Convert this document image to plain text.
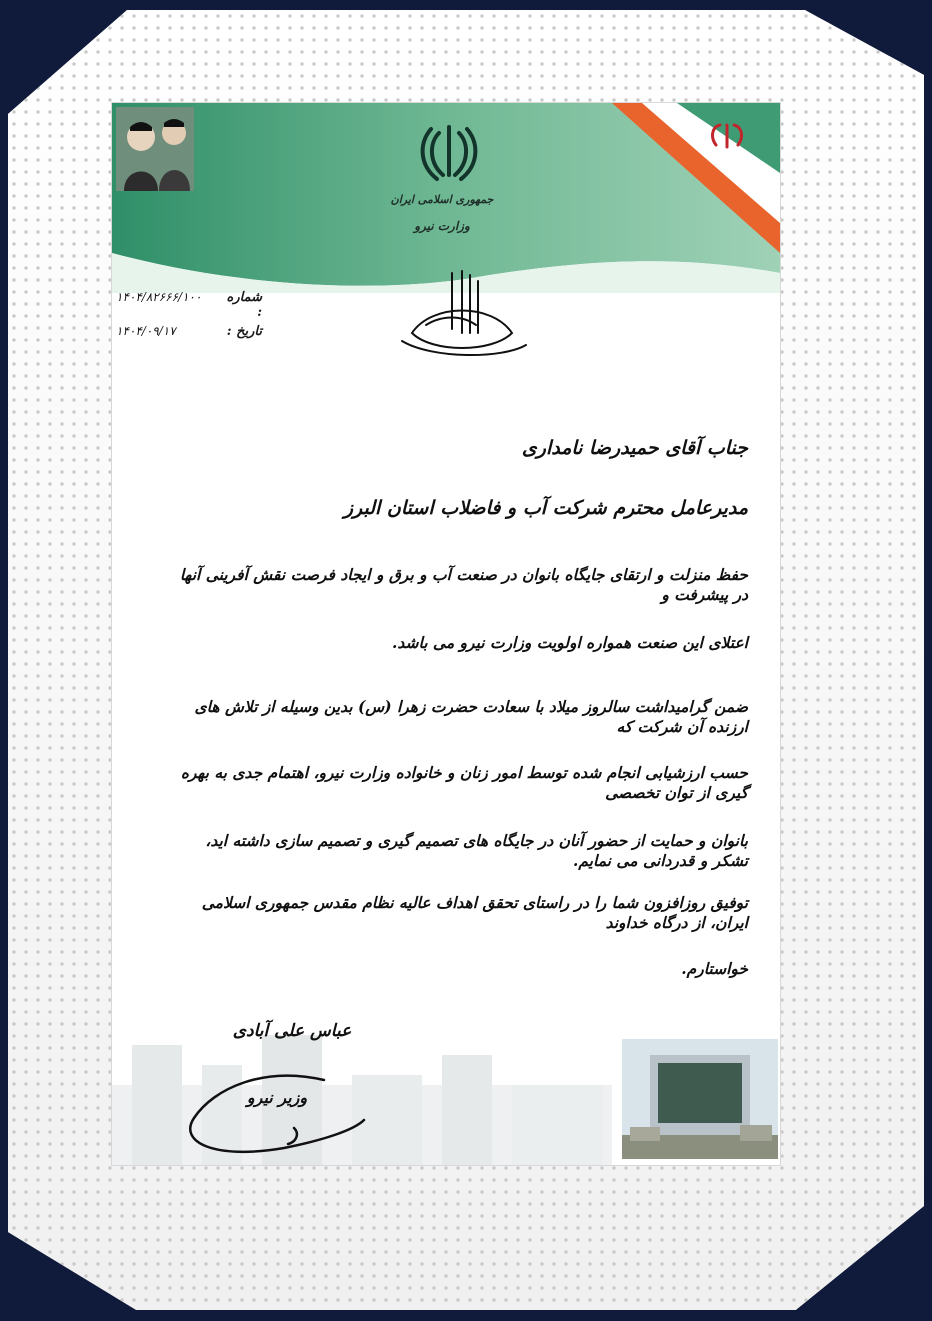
جمهوری اسلامی ایران
وزارت نیرو
شماره :
۱۴۰۴/۸۲۶۶۶/۱۰۰
تاریخ :
۱۴۰۴/۰۹/۱۷
جناب آقای حمیدرضا نامداری
مدیرعامل محترم شرکت آب و فاضلاب استان البرز
حفظ منزلت و ارتقای جایگاه بانوان در صنعت آب و برق و ایجاد فرصت نقش آفرینی آنها در پیشرفت و
اعتلای این صنعت همواره اولویت وزارت نیرو می باشد.
ضمن گرامیداشت سالروز میلاد با سعادت حضرت زهرا (س) بدین وسیله از تلاش های ارزنده آن شرکت که
حسب ارزشیابی انجام شده توسط امور زنان و خانواده وزارت نیرو، اهتمام جدی به بهره گیری از توان تخصصی
بانوان و حمایت از حضور آنان در جایگاه های تصمیم گیری و تصمیم سازی داشته اید، تشکر و قدردانی می نمایم.
توفیق روزافزون شما را در راستای تحقق اهداف عالیه نظام مقدس جمهوری اسلامی ایران، از درگاه خداوند
خواستارم.
عباس علی آبادی
وزیر نیرو
